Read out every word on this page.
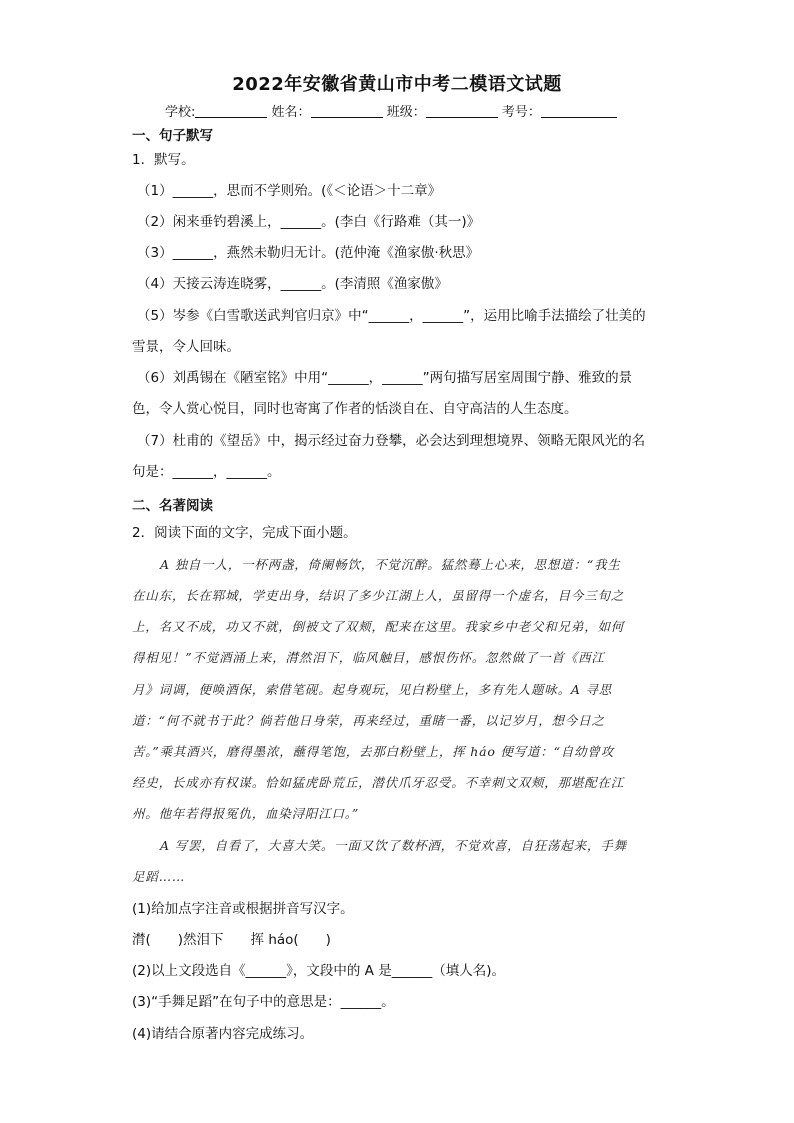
2022年安徽省黄山市中考二模语文试题
学校:	姓名：	班级：	考号：
一、句子默写
1．默写。
（1）______，思而不学则殆。(《＜论语＞十二章》
（2）闲来垂钓碧溪上，______。(李白《行路难（其一)》
（3）______，燕然未勒归无计。(范仲淹《渔家傲·秋思》
（4）天接云涛连晓雾，______。(李清照《渔家傲》
（5）岑参《白雪歌送武判官归京》中“______，______”，运用比喻手法描绘了壮美的
雪景，令人回味。
（6）刘禹锡在《陋室铭》中用“______，______”两句描写居室周围宁静、雅致的景
色，令人赏心悦目，同时也寄寓了作者的恬淡自在、自守高洁的人生态度。
（7）杜甫的《望岳》中，揭示经过奋力登攀，必会达到理想境界、领略无限风光的名
句是：______，______。
二、名著阅读
2．阅读下面的文字，完成下面小题。
A 独自一人，一杯两盏，倚阑畅饮，不觉沉醉。猛然蓦上心来，思想道：“我生
在山东，长在郓城，学吏出身，结识了多少江湖上人，虽留得一个虚名，目今三旬之
上，名又不成，功又不就，倒被文了双颊，配来在这里。我家乡中老父和兄弟，如何
得相见！”不觉酒涌上来，潸然泪下，临风触目，感恨伤怀。忽然做了一首《西江
月》词调，便唤酒保，索借笔砚。起身观玩，见白粉壁上，多有先人题咏。A 寻思
道：“何不就书于此？倘若他日身荣，再来经过，重睹一番，以记岁月，想今日之
苦。”乘其酒兴，磨得墨浓，蘸得笔饱，去那白粉壁上，挥 háo 便写道：“自幼曾攻
经史，长成亦有权谋。恰如猛虎卧荒丘，潜伏爪牙忍受。不幸刺文双颊，那堪配在江
州。他年若得报冤仇，血染浔阳江口。”
A 写罢，自看了，大喜大笑。一面又饮了数杯酒，不觉欢喜，自狂荡起来，手舞
足蹈……
(1)给加点字注音或根据拼音写汉字。
潸(　　)然泪下　　挥 háo(　　)
(2)以上文段选自《______》，文段中的 A 是______（填人名)。
(3)“手舞足蹈”在句子中的意思是：______。
(4)请结合原著内容完成练习。
